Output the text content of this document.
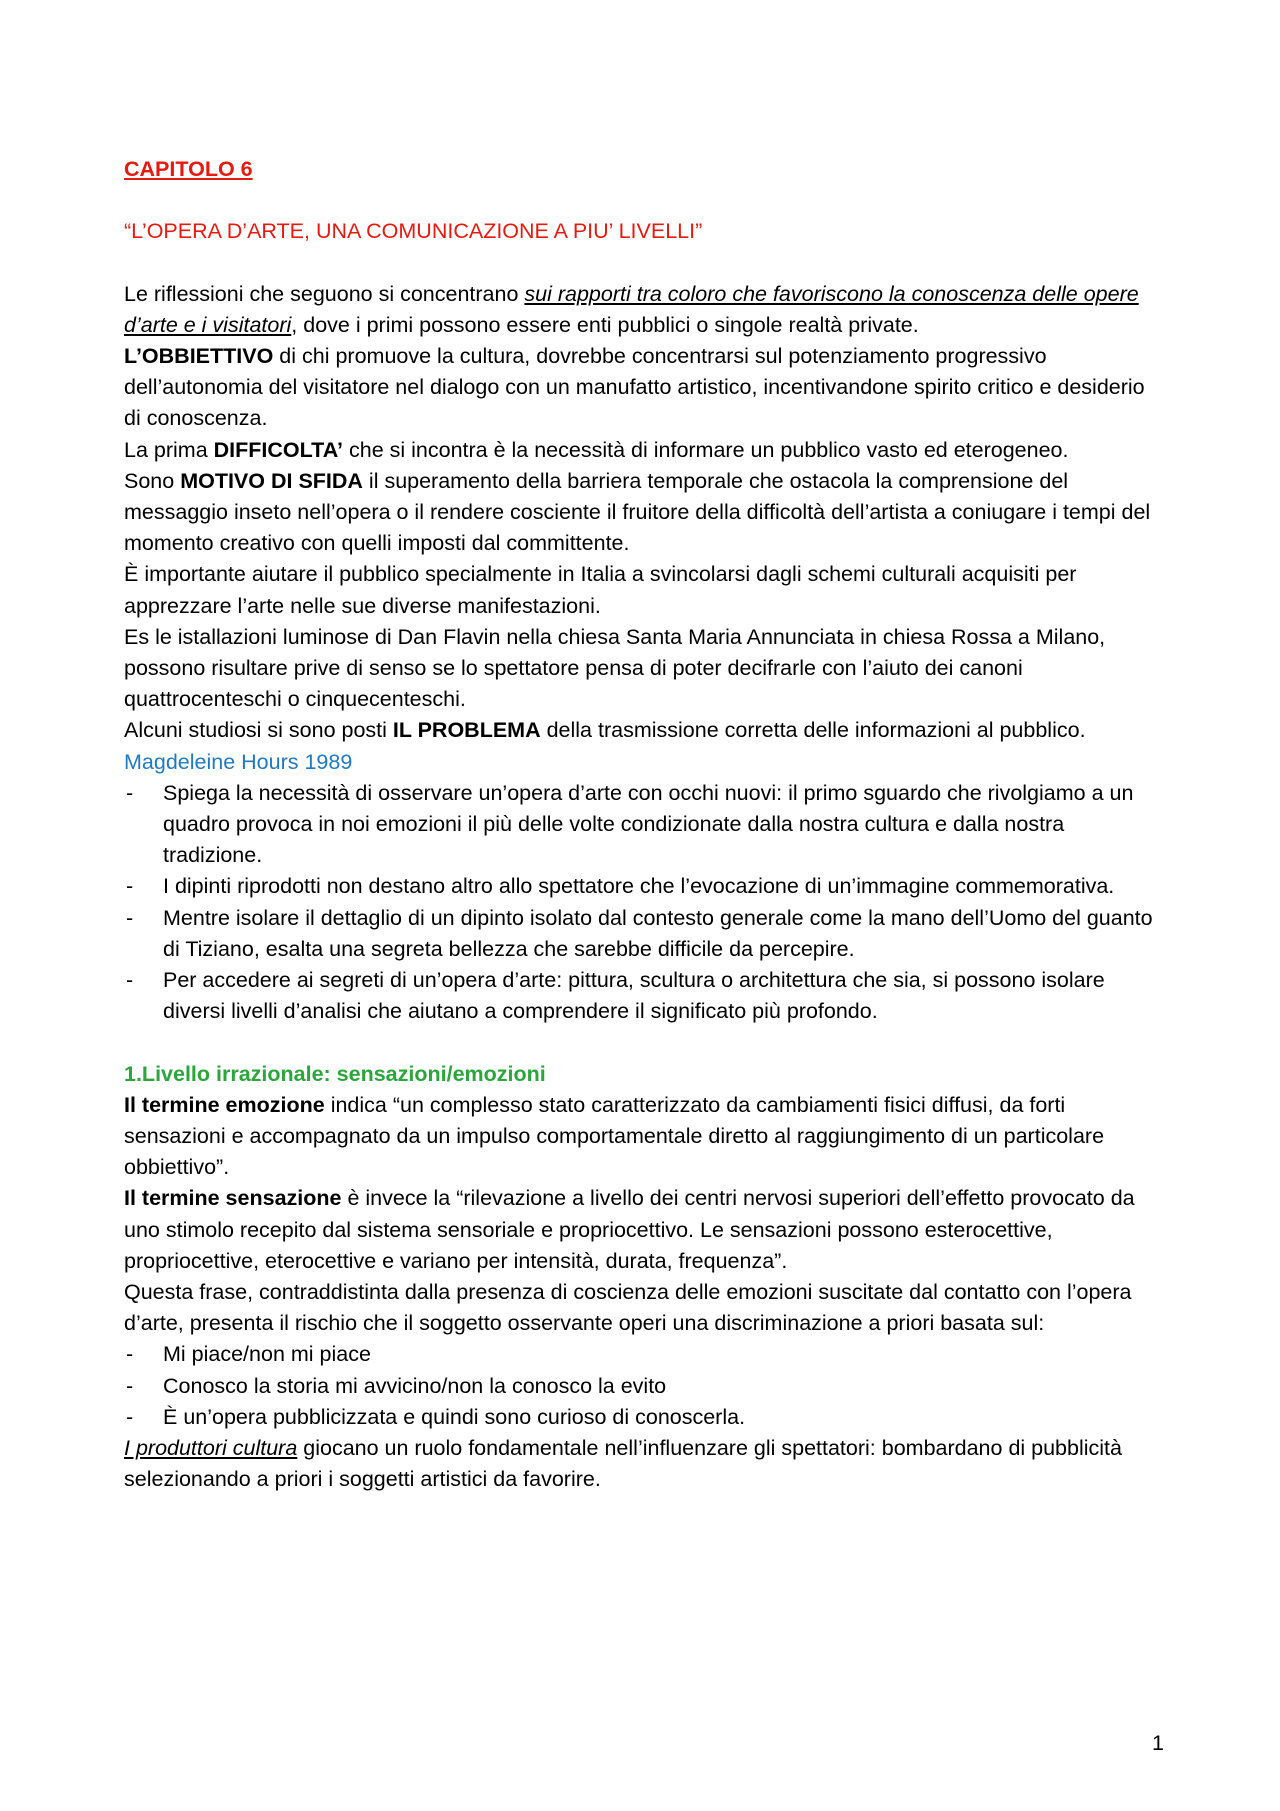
CAPITOLO 6

“L’OPERA D’ARTE, UNA COMUNICAZIONE A PIU’ LIVELLI”

Le riflessioni che seguono si concentrano sui rapporti tra coloro che favoriscono la conoscenza delle opere d’arte e i visitatori, dove i primi possono essere enti pubblici o singole realtà private.

L’OBBIETTIVO di chi promuove la cultura, dovrebbe concentrarsi sul potenziamento progressivo dell’autonomia del visitatore nel dialogo con un manufatto artistico, incentivandone spirito critico e desiderio di conoscenza.

La prima DIFFICOLTA’ che si incontra è la necessità di informare un pubblico vasto ed eterogeneo.

Sono MOTIVO DI SFIDA il superamento della barriera temporale che ostacola la comprensione del messaggio inseto nell’opera o il rendere cosciente il fruitore della difficoltà dell’artista a coniugare i tempi del momento creativo con quelli imposti dal committente.

È importante aiutare il pubblico specialmente in Italia a svincolarsi dagli schemi culturali acquisiti per apprezzare l’arte nelle sue diverse manifestazioni.

Es le istallazioni luminose di Dan Flavin nella chiesa Santa Maria Annunciata in chiesa Rossa a Milano, possono risultare prive di senso se lo spettatore pensa di poter decifrarle con l’aiuto dei canoni quattrocenteschi o cinquecenteschi.

Alcuni studiosi si sono posti IL PROBLEMA della trasmissione corretta delle informazioni al pubblico.

Magdeleine Hours 1989

- Spiega la necessità di osservare un’opera d’arte con occhi nuovi: il primo sguardo che rivolgiamo a un quadro provoca in noi emozioni il più delle volte condizionate dalla nostra cultura e dalla nostra tradizione.
- I dipinti riprodotti non destano altro allo spettatore che l’evocazione di un’immagine commemorativa.
- Mentre isolare il dettaglio di un dipinto isolato dal contesto generale come la mano dell’Uomo del guanto di Tiziano, esalta una segreta bellezza che sarebbe difficile da percepire.
- Per accedere ai segreti di un’opera d’arte: pittura, scultura o architettura che sia, si possono isolare diversi livelli d’analisi che aiutano a comprendere il significato più profondo.

1.Livello irrazionale: sensazioni/emozioni

Il termine emozione indica “un complesso stato caratterizzato da cambiamenti fisici diffusi, da forti sensazioni e accompagnato da un impulso comportamentale diretto al raggiungimento di un particolare obbiettivo”.

Il termine sensazione è invece la “rilevazione a livello dei centri nervosi superiori dell’effetto provocato da uno stimolo recepito dal sistema sensoriale e propriocettivo. Le sensazioni possono esterocettive, propriocettive, eterocettive e variano per intensità, durata, frequenza”.

Questa frase, contraddistinta dalla presenza di coscienza delle emozioni suscitate dal contatto con l’opera d’arte, presenta il rischio che il soggetto osservante operi una discriminazione a priori basata sul:

- Mi piace/non mi piace
- Conosco la storia mi avvicino/non la conosco la evito
- È un’opera pubblicizzata e quindi sono curioso di conoscerla.

I produttori cultura giocano un ruolo fondamentale nell’influenzare gli spettatori: bombardano di pubblicità selezionando a priori i soggetti artistici da favorire.

1
